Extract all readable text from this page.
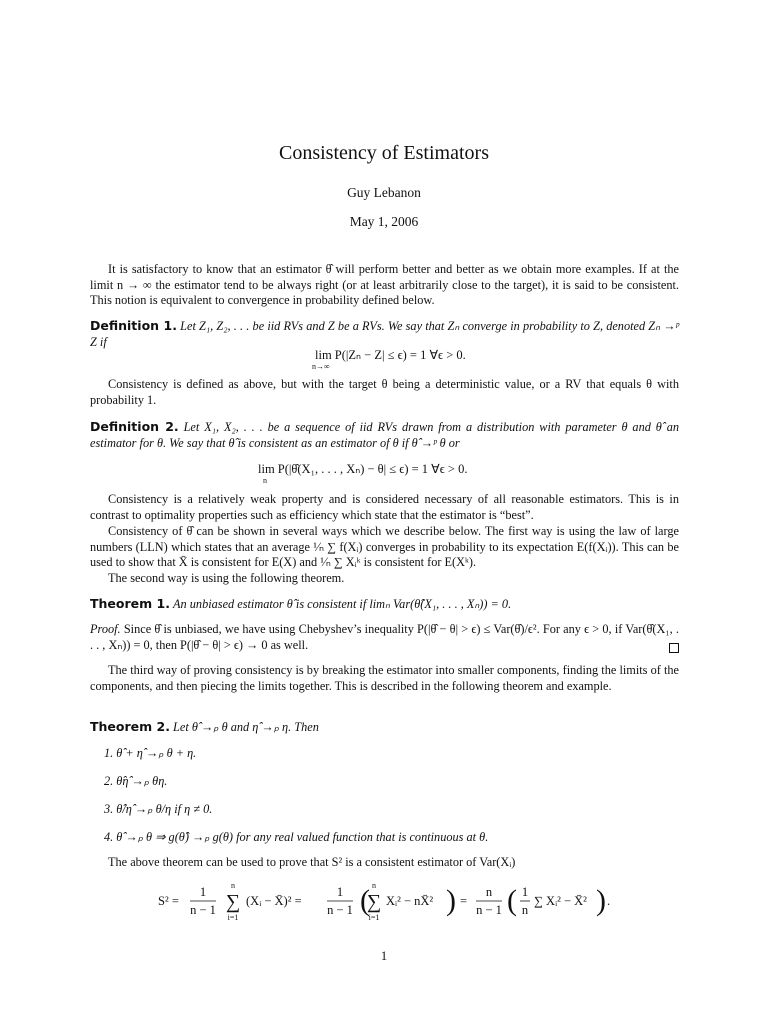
Consistency of Estimators
Guy Lebanon
May 1, 2006
It is satisfactory to know that an estimator θ̂ will perform better and better as we obtain more examples. If at the limit n → ∞ the estimator tend to be always right (or at least arbitrarily close to the target), it is said to be consistent. This notion is equivalent to convergence in probability defined below.
Definition 1. Let Z₁, Z₂, . . . be iid RVs and Z be a RVs. We say that Zₙ converge in probability to Z, denoted Zₙ →ᵖ Z if
lim P(|Zₙ − Z| ≤ ϵ) = 1 ∀ϵ > 0.
n→∞
Consistency is defined as above, but with the target θ being a deterministic value, or a RV that equals θ with probability 1.
Definition 2. Let X₁, X₂, . . . be a sequence of iid RVs drawn from a distribution with parameter θ and θ̂ an estimator for θ. We say that θ̂ is consistent as an estimator of θ if θ̂ →ᵖ θ or
lim P(|θ̂(X₁, . . . , Xₙ) − θ| ≤ ϵ) = 1 ∀ϵ > 0.
n
Consistency is a relatively weak property and is considered necessary of all reasonable estimators. This is in contrast to optimality properties such as efficiency which state that the estimator is “best”.
Consistency of θ̂ can be shown in several ways which we describe below. The first way is using the law of large numbers (LLN) which states that an average ¹⁄ₙ ∑ f(Xᵢ) converges in probability to its expectation E(f(Xᵢ)). This can be used to show that X̄ is consistent for E(X) and ¹⁄ₙ ∑ Xᵢᵏ is consistent for E(Xᵏ).
The second way is using the following theorem.
Theorem 1. An unbiased estimator θ̂ is consistent if limₙ Var(θ̂(X₁, . . . , Xₙ)) = 0.
Proof. Since θ̂ is unbiased, we have using Chebyshev’s inequality P(|θ̂ − θ| > ϵ) ≤ Var(θ̂)/ϵ². For any ϵ > 0, if Var(θ̂(X₁, . . . , Xₙ)) = 0, then P(|θ̂ − θ| > ϵ) → 0 as well.
The third way of proving consistency is by breaking the estimator into smaller components, finding the limits of the components, and then piecing the limits together. This is described in the following theorem and example.
Theorem 2. Let θ̂ →ₚ θ and η̂ →ₚ η. Then
1. θ̂ + η̂ →ₚ θ + η.
2. θ̂η̂ →ₚ θη.
3. θ̂/η̂ →ₚ θ/η if η ≠ 0.
4. θ̂ →ₚ θ ⇒ g(θ̂) →ₚ g(θ) for any real valued function that is continuous at θ.
The above theorem can be used to prove that S² is a consistent estimator of Var(Xᵢ)
S² =
1
n − 1
n
∑
i=1
(Xᵢ − X̄)² =
1
n − 1 ( n
∑
i=1
Xᵢ² − nX̄² ) =
n
n − 1 ( 1
n
∑ Xᵢ² − X̄² ) .
1
